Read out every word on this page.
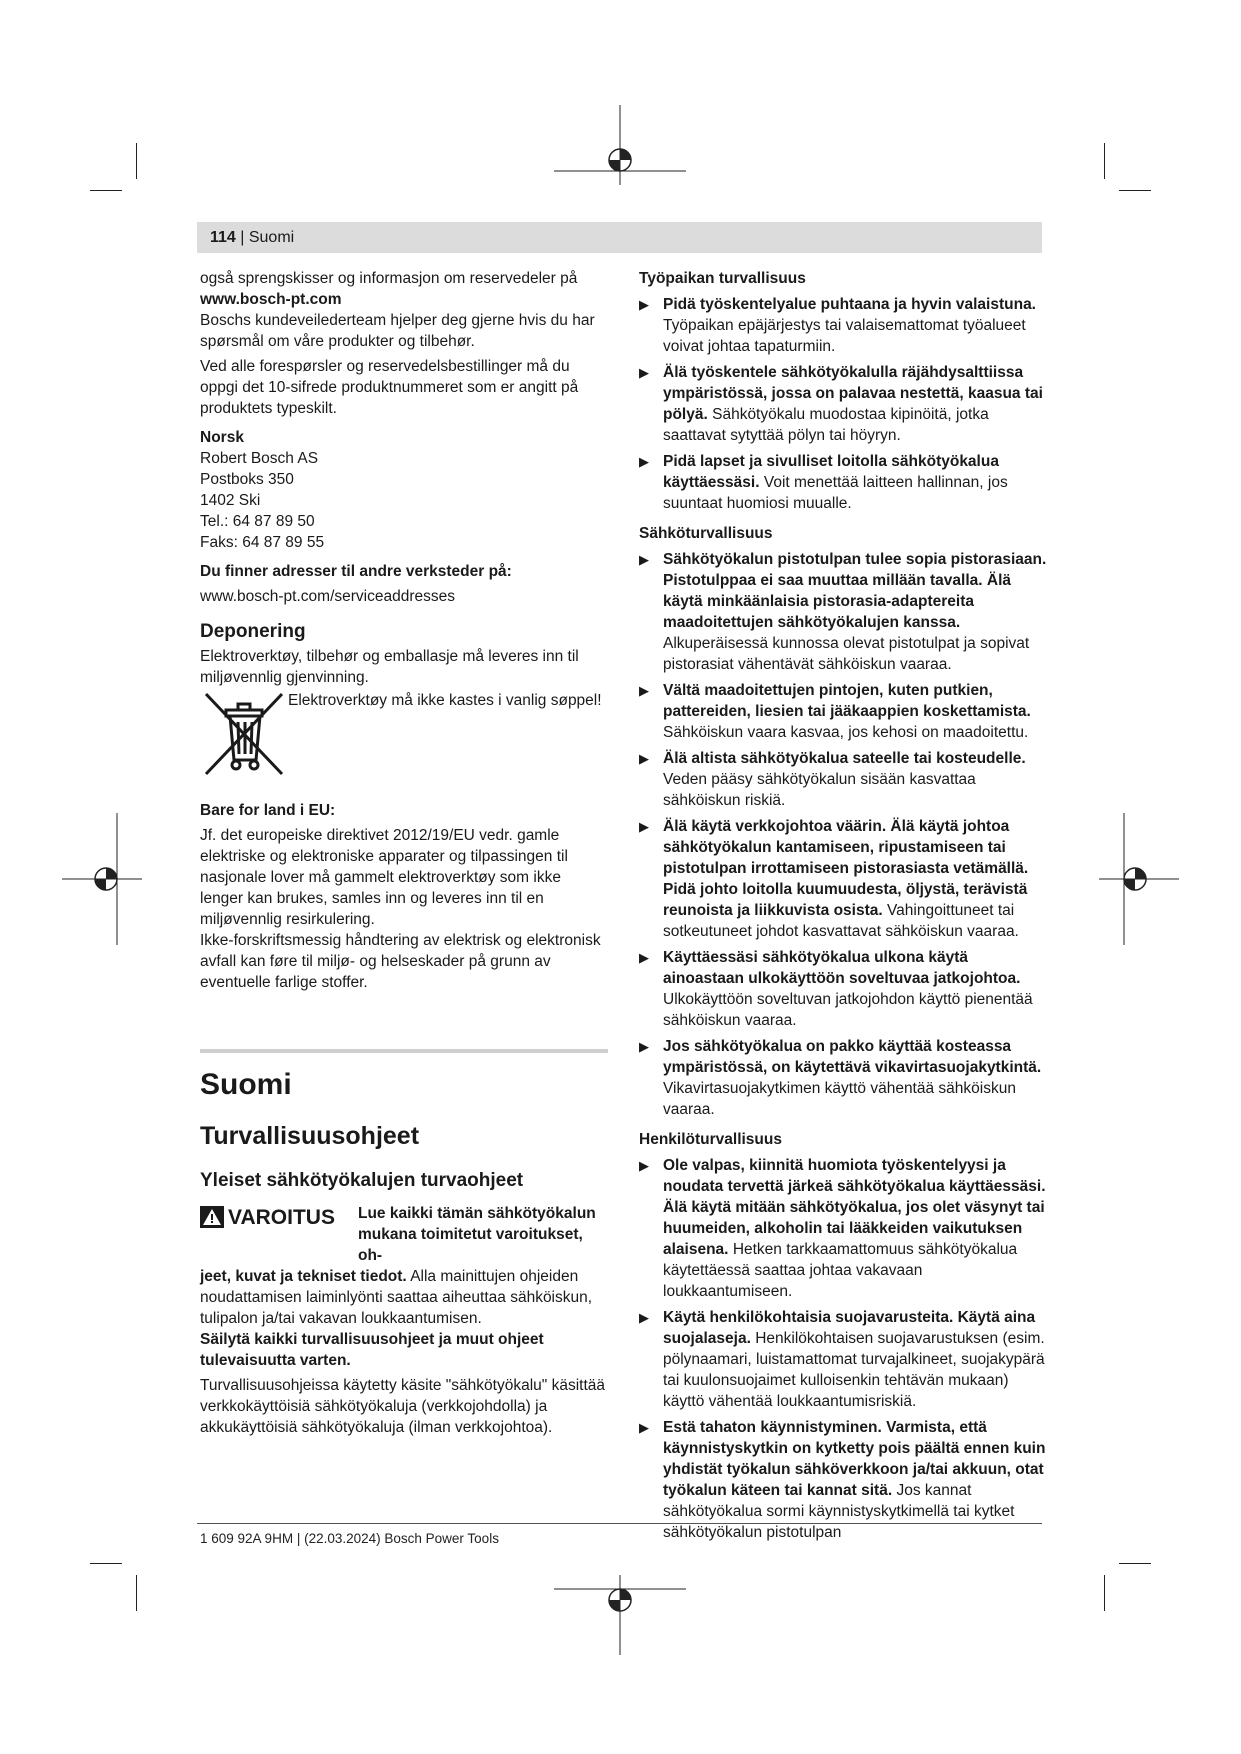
114 | Suomi

også sprengskisser og informasjon om reservedeler på
www.bosch-pt.com

Boschs kundeveilederteam hjelper deg gjerne hvis du har spørsmål om våre produkter og tilbehør.

Ved alle forespørsler og reservedelsbestillinger må du oppgi det 10-sifrede produktnummeret som er angitt på produktets typeskilt.

Norsk

Robert Bosch AS

Postboks 350

1402 Ski

Tel.: 64 87 89 50

Faks: 64 87 89 55

Du finner adresser til andre verksteder på:

www.bosch-pt.com/serviceaddresses

Deponering

Elektroverktøy, tilbehør og emballasje må leveres inn til miljøvennlig gjenvinning.

Elektroverktøy må ikke kastes i vanlig søppel!

Bare for land i EU:

Jf. det europeiske direktivet 2012/19/EU vedr. gamle elektriske og elektroniske apparater og tilpassingen til nasjonale lover må gammelt elektroverktøy som ikke lenger kan brukes, samles inn og leveres inn til en miljøvennlig resirkulering.

Ikke-forskriftsmessig håndtering av elektrisk og elektronisk avfall kan føre til miljø- og helseskader på grunn av eventuelle farlige stoffer.

Suomi

Turvallisuusohjeet

Yleiset sähkötyökalujen turvaohjeet

VAROITUS Lue kaikki tämän sähkötyökalun mukana toimitetut varoitukset, oh-

jeet, kuvat ja tekniset tiedot. Alla mainittujen ohjeiden noudattamisen laiminlyönti saattaa aiheuttaa sähköiskun, tulipalon ja/tai vakavan loukkaantumisen.

Säilytä kaikki turvallisuusohjeet ja muut ohjeet tulevaisuutta varten.

Turvallisuusohjeissa käytetty käsite "sähkötyökalu" käsittää verkkokäyttöisiä sähkötyökaluja (verkkojohdolla) ja akkukäyttöisiä sähkötyökaluja (ilman verkkojohtoa).

Työpaikan turvallisuus

▶ Pidä työskentelyalue puhtaana ja hyvin valaistuna. Työpaikan epäjärjestys tai valaisemattomat työalueet voivat johtaa tapaturmiin.
▶ Älä työskentele sähkötyökalulla räjähdysalttiissa ympäristössä, jossa on palavaa nestettä, kaasua tai pölyä. Sähkötyökalu muodostaa kipinöitä, jotka saattavat sytyttää pölyn tai höyryn.
▶ Pidä lapset ja sivulliset loitolla sähkötyökalua käyttäessäsi. Voit menettää laitteen hallinnan, jos suuntaat huomiosi muualle.

Sähköturvallisuus

▶ Sähkötyökalun pistotulpan tulee sopia pistorasiaan. Pistotulppaa ei saa muuttaa millään tavalla. Älä käytä minkäänlaisia pistorasia-adaptereita maadoitettujen sähkötyökalujen kanssa. Alkuperäisessä kunnossa olevat pistotulpat ja sopivat pistorasiat vähentävät sähköiskun vaaraa.
▶ Vältä maadoitettujen pintojen, kuten putkien, pattereiden, liesien tai jääkaappien koskettamista. Sähköiskun vaara kasvaa, jos kehosi on maadoitettu.
▶ Älä altista sähkötyökalua sateelle tai kosteudelle. Veden pääsy sähkötyökalun sisään kasvattaa sähköiskun riskiä.
▶ Älä käytä verkkojohtoa väärin. Älä käytä johtoa sähkötyökalun kantamiseen, ripustamiseen tai pistotulpan irrottamiseen pistorasiasta vetämällä. Pidä johto loitolla kuumuudesta, öljystä, terävistä reunoista ja liikkuvista osista. Vahingoittuneet tai sotkeutuneet johdot kasvattavat sähköiskun vaaraa.
▶ Käyttäessäsi sähkötyökalua ulkona käytä ainoastaan ulkokäyttöön soveltuvaa jatkojohtoa. Ulkokäyttöön soveltuvan jatkojohdon käyttö pienentää sähköiskun vaaraa.
▶ Jos sähkötyökalua on pakko käyttää kosteassa ympäristössä, on käytettävä vikavirtasuojakytkintä. Vikavirtasuojakytkimen käyttö vähentää sähköiskun vaaraa.

Henkilöturvallisuus

▶ Ole valpas, kiinnitä huomiota työskentelyysi ja noudata tervettä järkeä sähkötyökalua käyttäessäsi. Älä käytä mitään sähkötyökalua, jos olet väsynyt tai huumeiden, alkoholin tai lääkkeiden vaikutuksen alaisena. Hetken tarkkaamattomuus sähkötyökalua käytettäessä saattaa johtaa vakavaan loukkaantumiseen.
▶ Käytä henkilökohtaisia suojavarusteita. Käytä aina suojalaseja. Henkilökohtaisen suojavarustuksen (esim. pölynaamari, luistamattomat turvajalkineet, suojakypärä tai kuulonsuojaimet kulloisenkin tehtävän mukaan) käyttö vähentää loukkaantumisriskiä.
▶ Estä tahaton käynnistyminen. Varmista, että käynnistyskytkin on kytketty pois päältä ennen kuin yhdistät työkalun sähköverkkoon ja/tai akkuun, otat työkalun käteen tai kannat sitä. Jos kannat sähkötyökalua sormi käynnistyskytkimellä tai kytket sähkötyökalun pistotulpan
1 609 92A 9HM | (22.03.2024) Bosch Power Tools
